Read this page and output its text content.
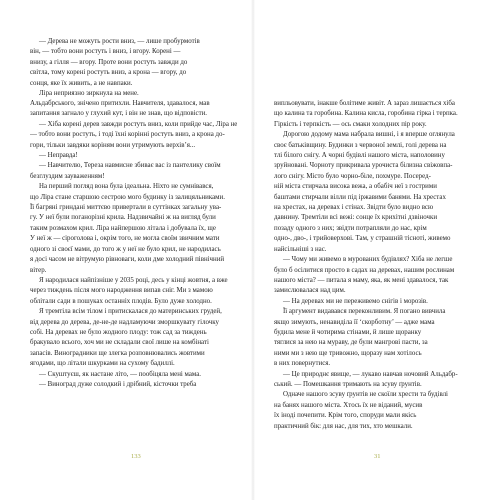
— Дерева не можуть рости вниз, — лише пробурмотів
він, — тобто вони ростуть і вниз, і вгору. Корені —
внизу, а гілля — вгору. Проте вони ростуть завжди до
світла, тому корені ростуть вниз, а крона — вгору, до
сонця, яке їх живить, а не навпаки.
Ліра неприязно зиркнула на мене.
Альдабрського, знічено притихли. Навчителя, здавалося, мав
запитання загнало у глухий кут, і він не знав, що відповісти.
— Хіба корені дерев завжди ростуть вниз, коли прийде час, Ліра не
— тобто вони ростуть, і тоді їхні корінні ростуть вниз, а крона до-
гори, тільки завдяки коріням вони утримують верхів’я...
— Неправда!
— Навчителю, Тереза навмисне збиває вас із пантелику своїм
безглуздим зауваженням!
На перший погляд вона була ідеальна. Ніхто не сумнівався,
що Ліра стане старшою сестрою мого будинку із залицяльниками.
Її багряні гриндані миттєво привертали в суттінках загальну ува-
гу. У неї були поганорізні крила. Надзвичайні ж на вигляд були
таким розмахом крил. Ліра найпершою літала і добувала їх, ще
У неї ж — сіроголова і, окрім того, не могла своїм звичним мати
одного зі своєї мами, до того ж у неї не було крил, не народилась
я досі часом не вітрумую рівноваги, коли дме холодний північний
вітер.
Я народилася найпізніше у 2035 році, десь у кінці жовтня, а вже
через тиждень після мого народження випав сніг. Ми з мамою
облітали сади в пошуках останніх плодів. Було дуже холодно.
Я тремтіла всім тілом і притискалася до материнських грудей,
від дерева до дерева, де-не-де надламуючи зморшкувату гілочку
собі. На деревах не було жодного плоду: тож сад за тиждень
бракувало всього, хоч ми не складали свої лише на комбінаті
запасів. Виноградники ще злегка розповнювались жовтими
ягодами, що літали шкурками на сухому бадиллі.
— Скуштуєш, як настане літо, — пообіцяла мені мама.
— Виноград дуже солодкий і дрібний, кісточки треба
133
випльовувати, інакше болітиме живіт. А зараз лишається хіба
що калина та горобина. Калина кисла, горобина гірка і терпка.
Гіркість і терпкість — ось смаки холодних пір року.
Дорогою додому мама набрала вишні, і я вперше оглянула
своє батьківщину. Будинки з червоної землі, голі дерева на
тлі білого снігу. А чорні будівлі нашого міста, наполовину
зруйновані. Чорноту прикривала урочиста білизна свіжовпа-
лого снігу. Місто було чорно-біле, похмуре. Посеред-
ній міста стирчала висока вежа, а обабіч неї з гострими
баштами стирчали вілли під іржавими банями. На хрестах
на хрестах, на деревах і стінах. Звідти було видно всю
давнину. Тремтіли всі вежі: сонце їх крихітні дзвіночки
позаду одного з них; звідти потрапляли до нас, крім
одно-, дво-, і трийоверхові. Там, у страшній тісноті, живемо
найсільніші з нас.
— Чому ми живемо в мурованих будівлях? Хіба не легше
було б осілитися просто в садах на деревах, нашим рослинам
нашого міста? — питала я маму, яка, як мені здавалося, так
замислювалася над цим.
— На деревах ми не переживемо снігів і морозів.
Її аргумент видавався переконливим. Я погано вивчила
якщо зимують, ненавиділа її ‘скорботну’ — адже мама
будила мене й чотирима стінами, й лише щоранку
тяглися за нею на мураву, де були мангрові пасти, за
ними ми з нею ще тривожно, щоразу нам хотілось
в них повернутися.
— Це природнє явище, — лукаво навчав ночовий Альдабр-
ський. — Помешкання тримають на зсуву ґрунтів.
Одначе нашого зсуву ґрунтів не скоїли хрести та будівлі
на банях нашого міста. Хтось їх не віданий, мусив
їх іноді почепити. Крім того, споруди мали якісь
практичний бік: для нас, для тих, хто мешкали.
31
